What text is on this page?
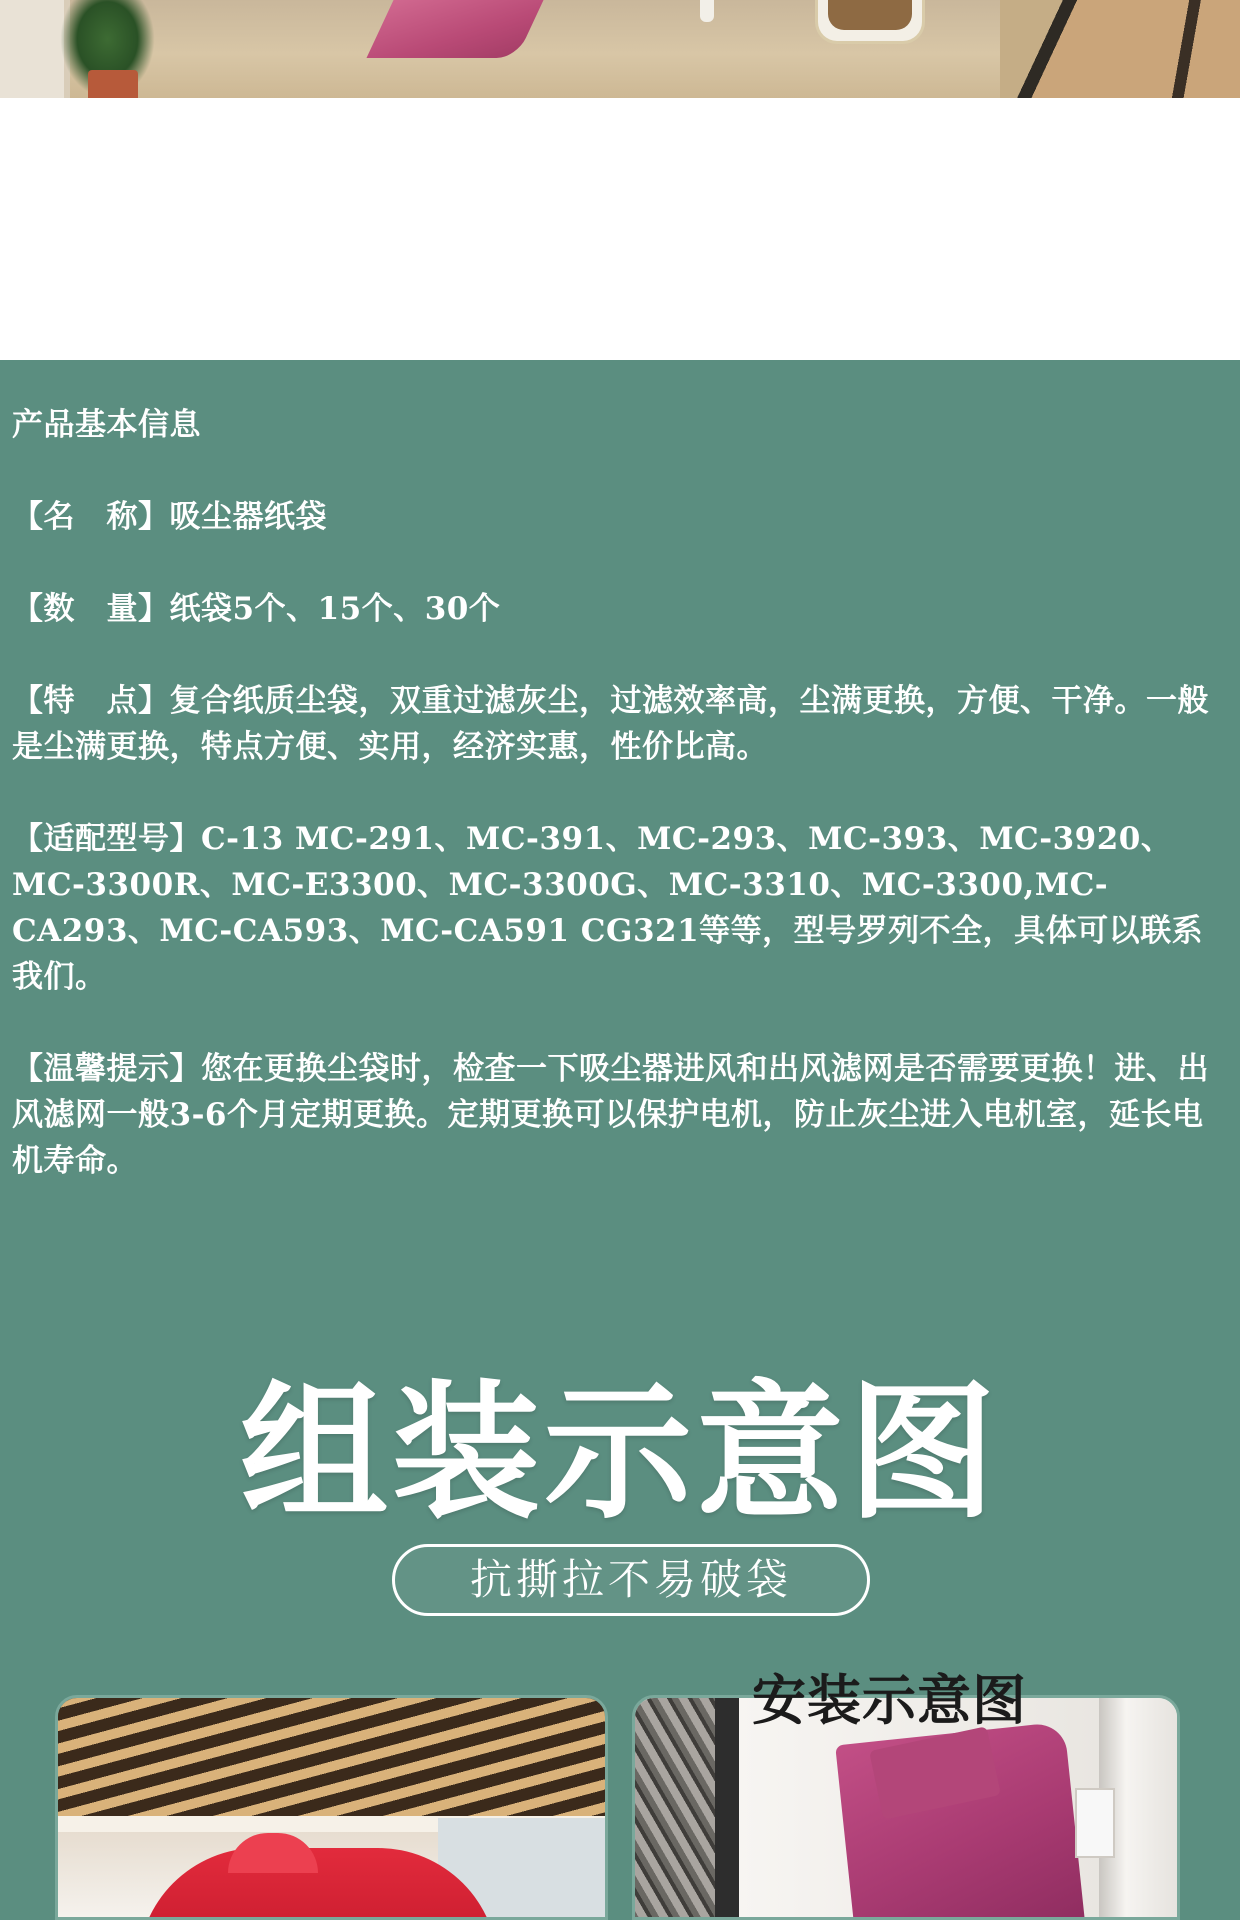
产品基本信息

【名　称】吸尘器纸袋

【数　量】纸袋5个、15个、30个

【特　点】复合纸质尘袋，双重过滤灰尘，过滤效率高，尘满更换，方便、干净。一般是尘满更换，特点方便、实用，经济实惠，性价比高。

【适配型号】C-13 MC-291、MC-391、MC-293、MC-393、MC-3920、MC-3300R、MC-E3300、MC-3300G、MC-3310、MC-3300,MC-CA293、MC-CA593、MC-CA591 CG321等等，型号罗列不全，具体可以联系我们。

【温馨提示】您在更换尘袋时，检查一下吸尘器进风和出风滤网是否需要更换！进、出风滤网一般3-6个月定期更换。定期更换可以保护电机，防止灰尘进入电机室，延长电机寿命。

组装示意图
抗撕拉不易破袋
安装示意图
